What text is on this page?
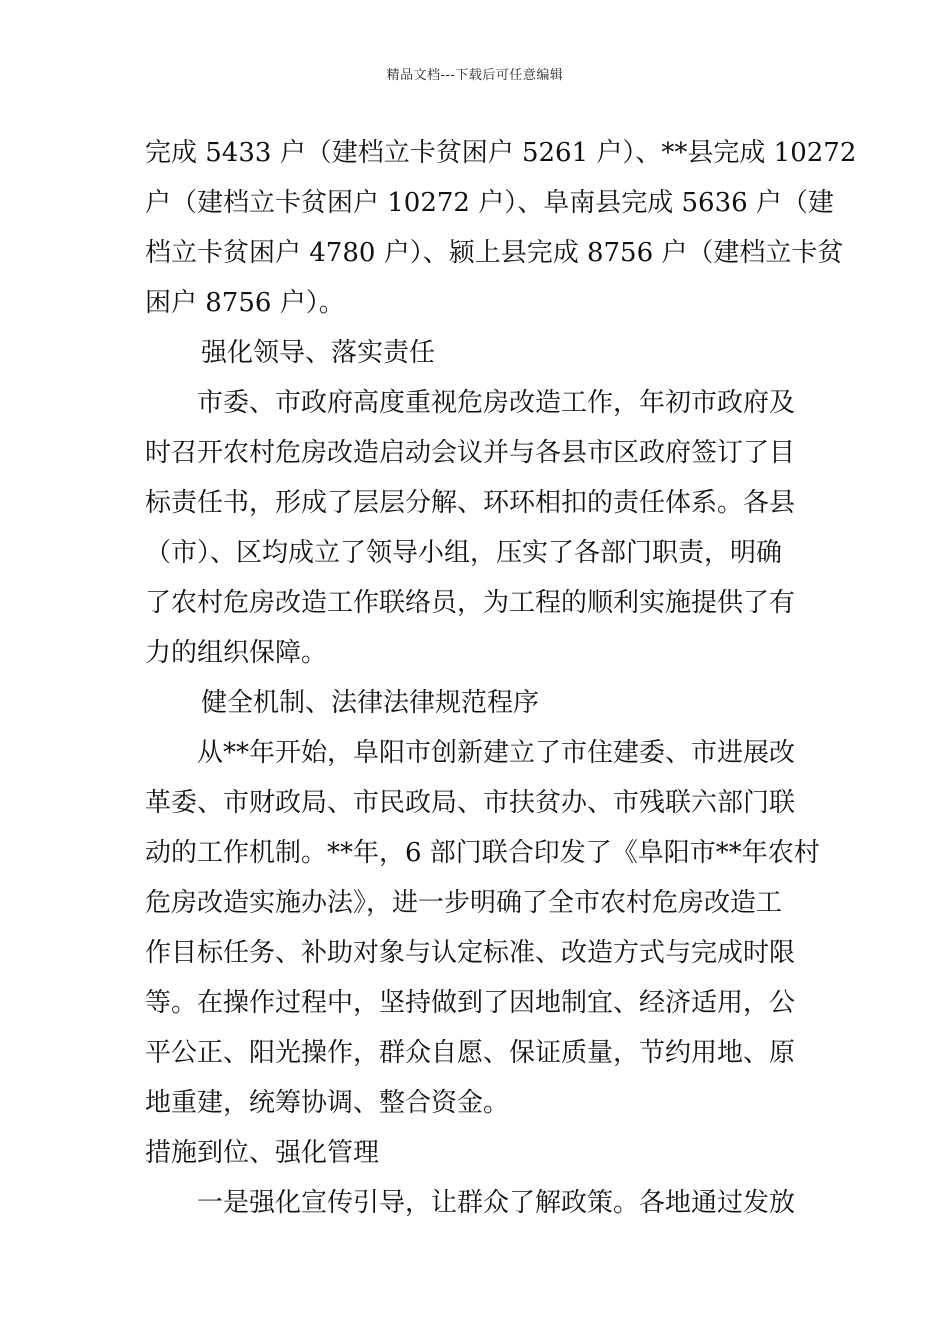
精品文档---下载后可任意编辑
完成 5433 户（建档立卡贫困户 5261 户）、**县完成 10272
户（建档立卡贫困户 10272 户）、阜南县完成 5636 户（建
档立卡贫困户 4780 户）、颍上县完成 8756 户（建档立卡贫
困户 8756 户）。
强化领导、落实责任
市委、市政府高度重视危房改造工作，年初市政府及
时召开农村危房改造启动会议并与各县市区政府签订了目
标责任书，形成了层层分解、环环相扣的责任体系。各县
（市）、区均成立了领导小组，压实了各部门职责，明确
了农村危房改造工作联络员，为工程的顺利实施提供了有
力的组织保障。
健全机制、法律法律规范程序
从**年开始，阜阳市创新建立了市住建委、市进展改
革委、市财政局、市民政局、市扶贫办、市残联六部门联
动的工作机制。**年，6 部门联合印发了《阜阳市**年农村
危房改造实施办法》，进一步明确了全市农村危房改造工
作目标任务、补助对象与认定标准、改造方式与完成时限
等。在操作过程中，坚持做到了因地制宜、经济适用，公
平公正、阳光操作，群众自愿、保证质量，节约用地、原
地重建，统筹协调、整合资金。
措施到位、强化管理
一是强化宣传引导，让群众了解政策。各地通过发放
